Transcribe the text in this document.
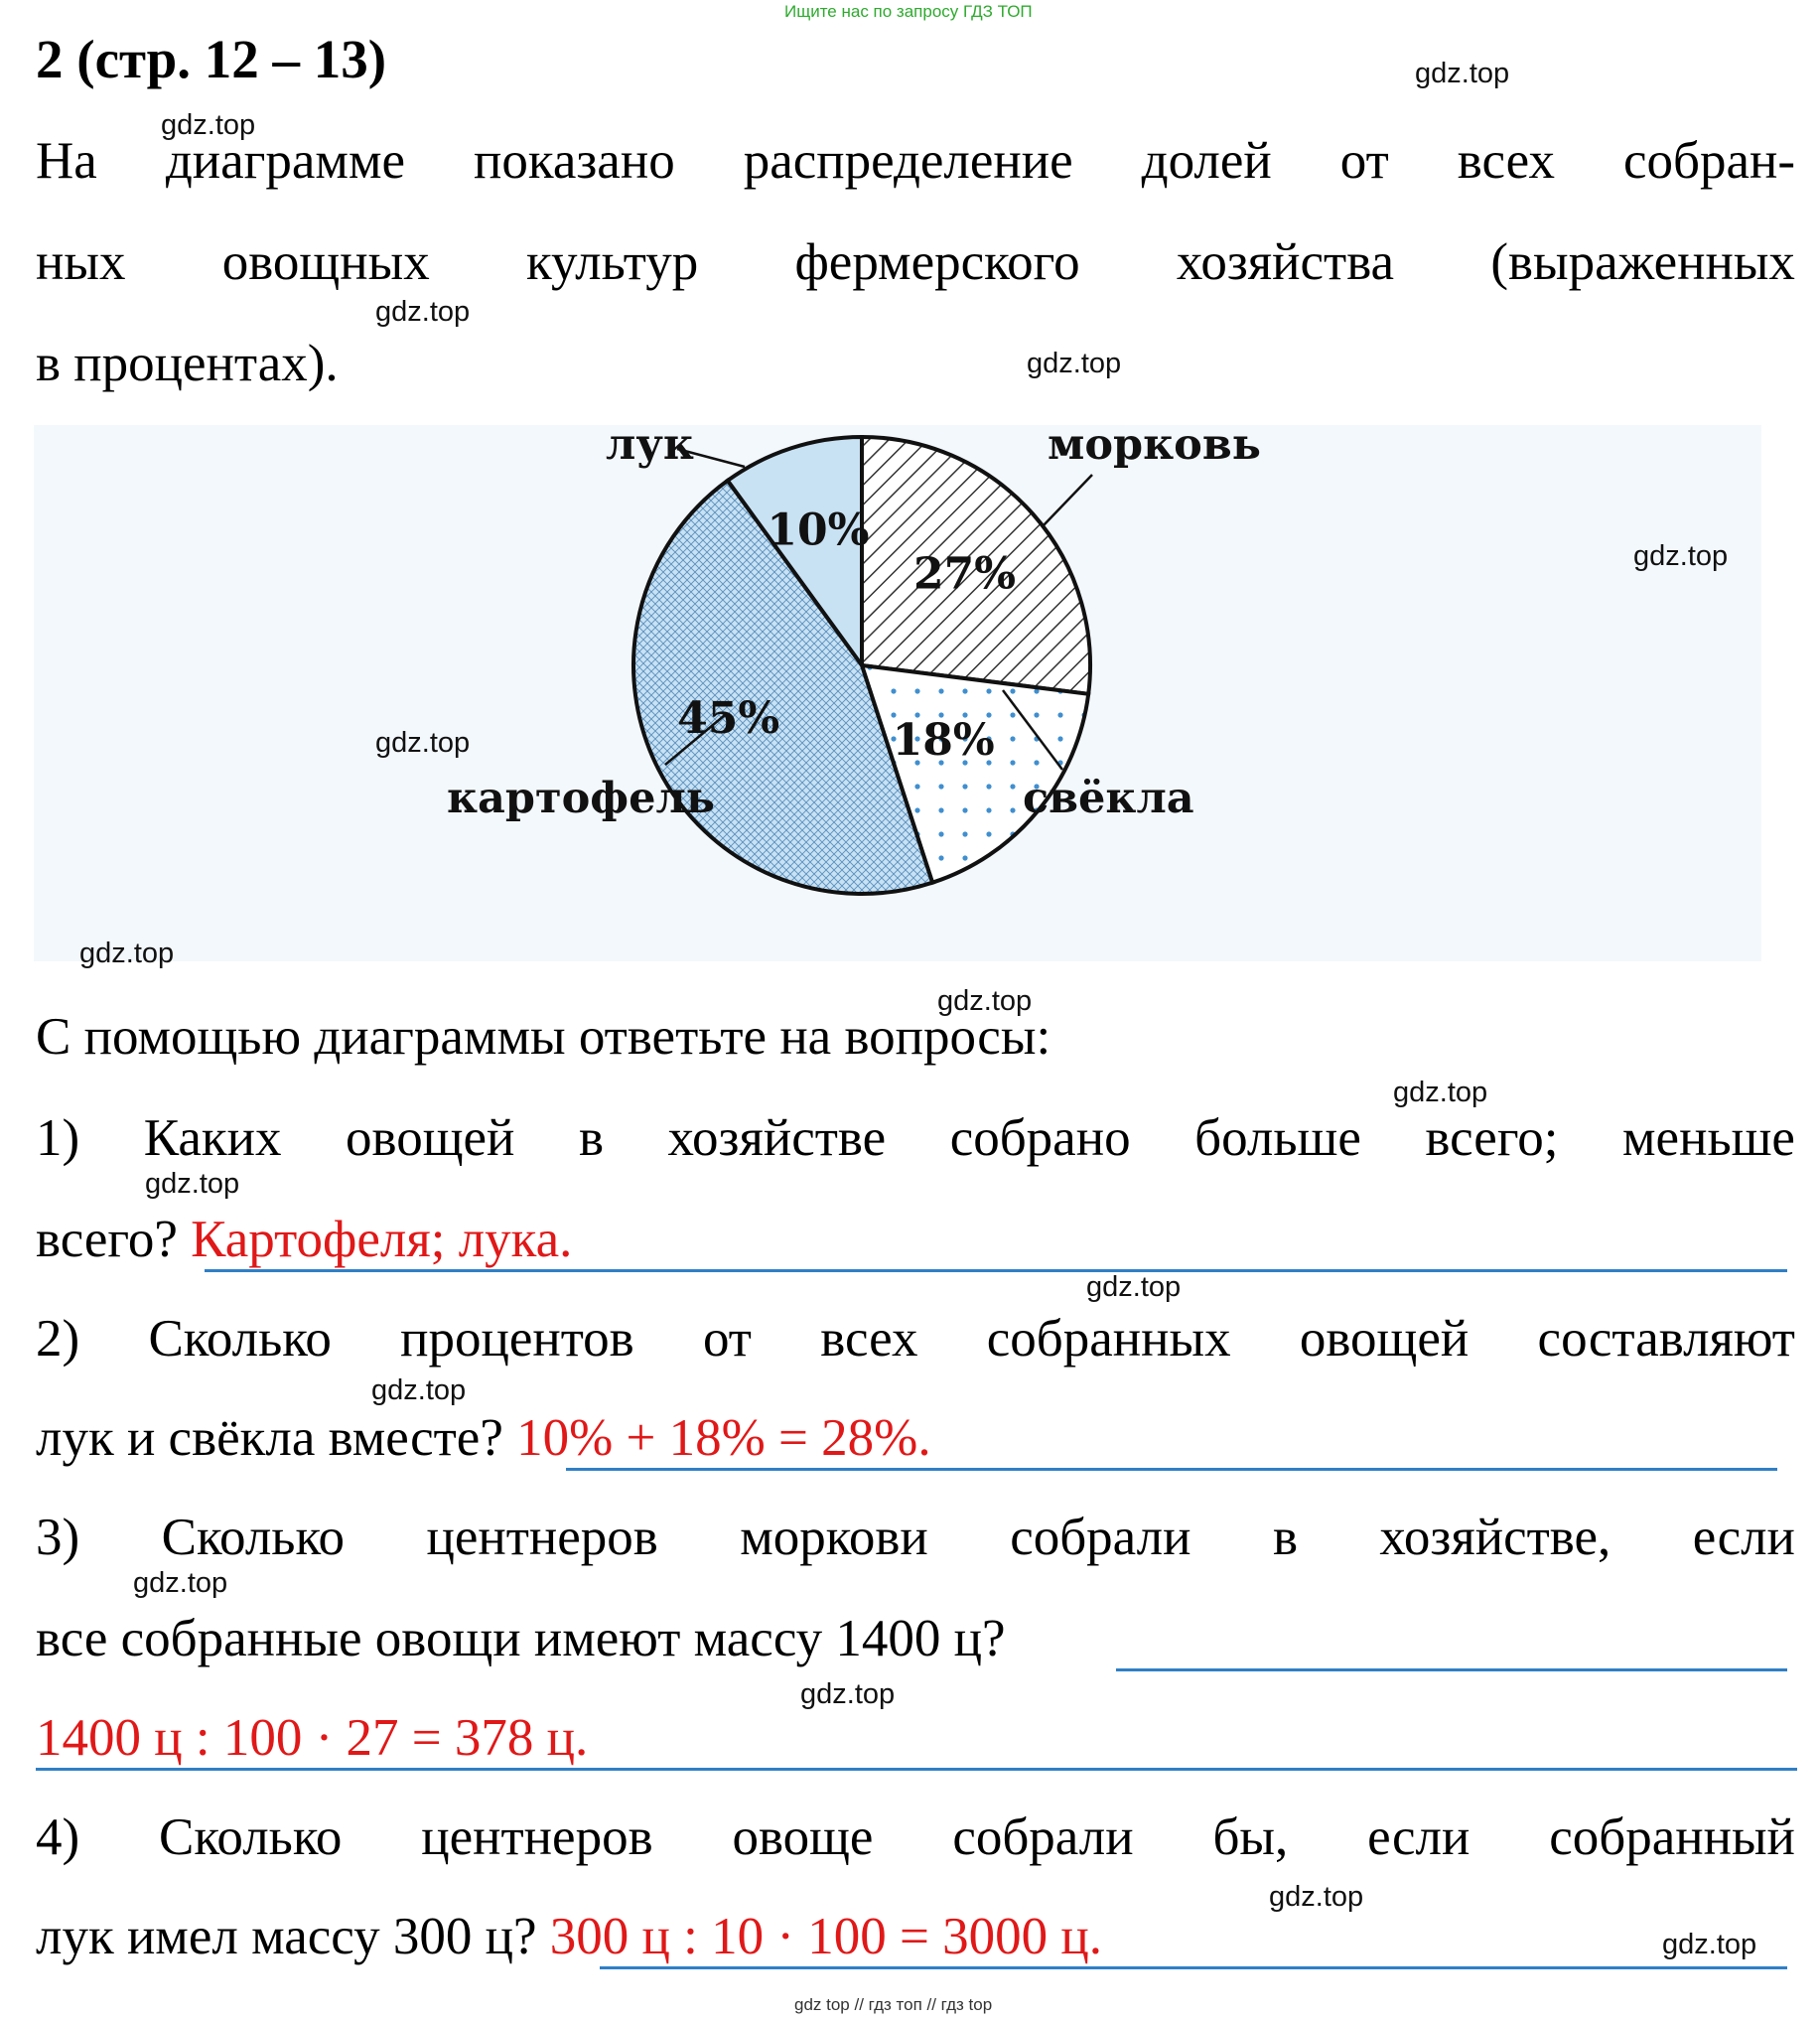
Ищите нас по запросу ГДЗ ТОП
2 (стр. 12 – 13)
На диаграмме показано распределение долей от всех собран-
ных овощных культур фермерского хозяйства (выраженных
в процентах).
10%
27%
18%
45%
лук	морковь
свёкла
картофель
С помощью диаграммы ответьте на вопросы:
1) Каких овощей в хозяйстве собрано больше всего; меньше
всего? Картофеля; лука.
2) Сколько процентов от всех собранных овощей составляют
лук и свёкла вместе? 10% + 18% = 28%.
3) Сколько центнеров моркови собрали в хозяйстве, если
все собранные овощи имеют массу 1400 ц?
1400 ц : 100 · 27 = 378 ц.
4) Сколько центнеров овоще собрали бы, если собранный
лук имел массу 300 ц? 300 ц : 10 · 100 = 3000 ц.
gdz.top
gdz.top
gdz.top
gdz.top
gdz.top
gdz.top
gdz.top
gdz.top
gdz.top
gdz.top
gdz.top
gdz.top
gdz.top
gdz.top
gdz.top
gdz.top
gdz top // гдз топ // гдз top
